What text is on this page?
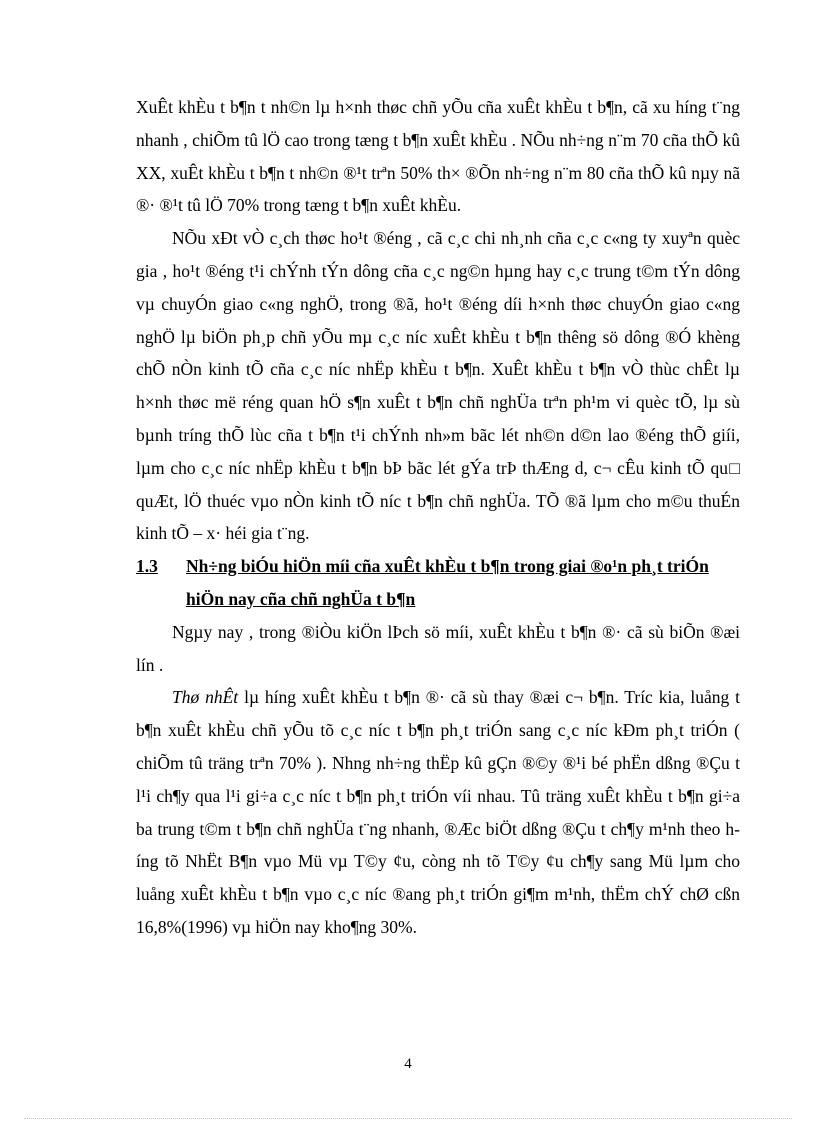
XuÊt khÈu t b¶n t nh©n lµ h×nh thøc chñ yÕu cña xuÊt khÈu t b¶n, cã xu híng t¨ng nhanh , chiÕm tû lÖ cao trong tæng t b¶n xuÊt khÈu . NÕu nh÷ng n¨m 70 cña thÕ kû XX, xuÊt khÈu t b¶n t nh©n ®¹t trªn 50% th× ®Õn nh÷ng n¨m 80 cña thÕ kû nµy nã ®· ®¹t tû lÖ 70% trong tæng t b¶n xuÊt khÈu.

NÕu xÐt vÒ c¸ch thøc ho¹t ®éng , cã c¸c chi nh¸nh cña c¸c c«ng ty xuyªn quèc gia , ho¹t ®éng t¹i chÝnh tÝn dông cña c¸c ng©n hµng hay c¸c trung t©m tÝn dông vµ chuyÓn giao c«ng nghÖ, trong ®ã, ho¹t ®éng díi h×nh thøc chuyÓn giao c«ng nghÖ lµ biÖn ph¸p chñ yÕu mµ c¸c níc xuÊt khÈu t b¶n thêng sö dông ®Ó khèng chÕ nÒn kinh tÕ cña c¸c níc nhËp khÈu t b¶n. XuÊt khÈu t b¶n vÒ thùc chÊt lµ h×nh thøc më réng quan hÖ s¶n xuÊt t b¶n chñ nghÜa trªn ph¹m vi quèc tÕ, lµ sù bµnh tríng thÕ lùc cña t b¶n t¹i chÝnh nh»m bãc lét nh©n d©n lao ®éng thÕ giíi, lµm cho c¸c níc nhËp khÈu t b¶n bÞ bãc lét gÝa trÞ thÆng d, c¬ cÊu kinh tÕ qu□ quÆt, lÖ thuéc vµo nÒn kinh tÕ níc t b¶n chñ nghÜa. TÕ ®ã lµm cho m©u thuÉn kinh tÕ – x· héi gia t¨ng.

1.3	Nh÷ng biÓu hiÖn míi cña xuÊt khÈu t b¶n trong giai ®o¹n ph¸t triÓn hiÖn nay cña chñ nghÜa t b¶n

Ngµy nay , trong ®iÒu kiÖn lÞch sö míi, xuÊt khÈu t b¶n ®· cã sù biÕn ®æi lín .

Thø nhÊt lµ híng xuÊt khÈu t b¶n ®· cã sù thay ®æi c¬ b¶n. Tríc kia, luång t b¶n xuÊt khÈu chñ yÕu tõ c¸c níc t b¶n ph¸t triÓn sang c¸c níc kÐm ph¸t triÓn ( chiÕm tû träng trªn 70% ). Nhng nh÷ng thËp kû gÇn ®©y ®¹i bé phËn dßng ®Çu t l¹i ch¶y qua l¹i gi÷a c¸c níc t b¶n ph¸t triÓn víi nhau. Tû träng xuÊt khÈu t b¶n gi÷a ba trung t©m t b¶n chñ nghÜa t¨ng nhanh, ®Æc biÖt dßng ®Çu t ch¶y m¹nh theo híng tõ NhËt B¶n vµo Mü vµ T©y ¢u, còng nh tõ T©y ¢u ch¶y sang Mü lµm cho luång xuÊt khÈu t b¶n vµo c¸c níc ®ang ph¸t triÓn gi¶m m¹nh, thËm chÝ chØ cßn 16,8%(1996) vµ hiÖn nay kho¶ng 30%.

4
